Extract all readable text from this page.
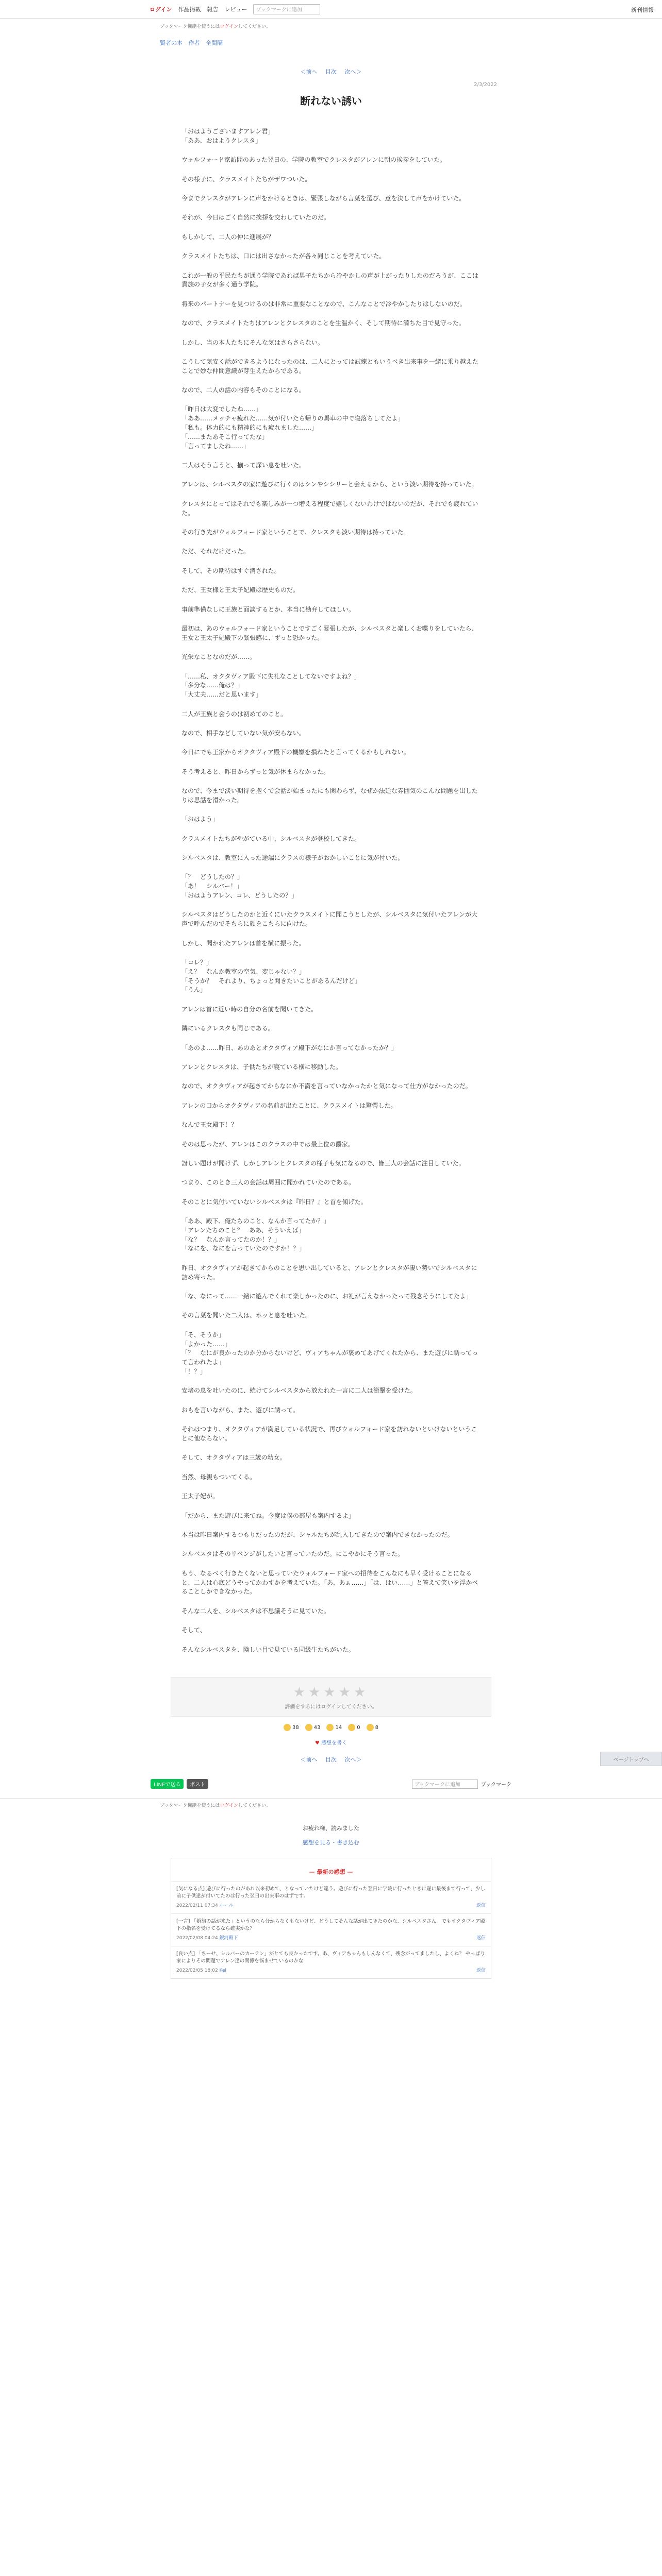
ログイン 作品掲載 報告 レビュー	ブックマークに追加	新刊情報
ブックマーク機能を使うにはログインしてください。
賢者の本 作者 全間隔
＜前へ 目次 次へ＞
2/3/2022
断れない誘い

「おはようございますアレン君」
「ああ、おはようクレスタ」

ウォルフォード家訪問のあった翌日の、学院の教室でクレスタがアレンに朝の挨拶をしていた。

その様子に、クラスメイトたちがザワついた。

今までクレスタがアレンに声をかけるときは、緊張しながら言葉を選び、意を決して声をかけていた。

それが、今日はごく自然に挨拶を交わしていたのだ。

もしかして、二人の仲に進展が？

クラスメイトたちは、口には出さなかったが各々同じことを考えていた。

これが一般の平民たちが通う学院であれば男子たちから冷やかしの声が上がったりしたのだろうが、ここは貴族の子女が多く通う学院。

将来のパートナーを見つけるのは非常に重要なことなので、こんなことで冷やかしたりはしないのだ。

なので、クラスメイトたちはアレンとクレスタのことを生温かく、そして期待に満ちた目で見守った。

しかし、当の本人たちにそんな気はさらさらない。

こうして気安く話ができるようになったのは、二人にとっては試練ともいうべき出来事を一緒に乗り越えたことで妙な仲間意識が芽生えたからである。

なので、二人の話の内容もそのことになる。

「昨日は大変でしたね……」
「ああ……メッチャ疲れた……気が付いたら帰りの馬車の中で寝落ちしてたよ」
「私も。体力的にも精神的にも疲れました……」
「……またあそこ行ってたな」
「言ってましたね……」

二人はそう言うと、揃って深い息を吐いた。

アレンは、シルベスタの家に遊びに行くのはシンやシシリーと会えるから、という淡い期待を持っていた。

クレスタにとってはそれでも楽しみが一つ増える程度で嬉しくないわけではないのだが、それでも疲れていた。

その行き先がウォルフォード家ということで、クレスタも淡い期待は持っていた。

ただ、それだけだった。

そして、その期待はすぐ消された。

ただ、王女様と王太子妃殿は歴史ものだ。

事前準備なしに王族と面談するとか、本当に勘弁してほしい。

最初は、あのウォルフォード家ということですごく緊張したが、シルベスタと楽しくお喋りをしていたら、王女と王太子妃殿下の緊張感に、ずっと恐かった。

光栄なことなのだが……。

「……私、オクタヴィア殿下に失礼なことしてないですよね？」
「多分な……俺は？」
「大丈夫……だと思います」

二人が王族と会うのは初めてのこと。

なので、相手などしていない気が安らない。

今日にでも王家からオクタヴィア殿下の機嫌を損ねたと言ってくるかもしれない。

そう考えると、昨日からずっと気が休まらなかった。

なので、今まで淡い期待を抱くで会話が始まったにも関わらず、なぜか法廷な雰囲気のこんな問題を出したりは思話を滑かった。

「おはよう」

クラスメイトたちがやがている中、シルベスタが登校してきた。

シルベスタは、教室に入った途端にクラスの様子がおかしいことに気が付いた。

「？　どうしたの？」
「あ！　シルバー！」
「おはようアレン、コレ、どうしたの？」

シルベスタはどうしたのかと近くにいたクラスメイトに聞こうとしたが、シルベスタに気付いたアレンが大声で呼んだのでそちらに顔をこちらに向けた。

しかし、聞かれたアレンは首を横に振った。

「コレ？」
「え？　なんか教室の空気、変じゃない？」
「そうか？　それより、ちょっと聞きたいことがあるんだけど」
「うん」

アレンは首に近い時の自分の名前を聞いてきた。

隣にいるクレスタも同じである。

「あのよ……昨日、あのあとオクタヴィア殿下がなにか言ってなかったか？」

アレンとクレスタは、子供たちが寝ている横に移動した。

なので、オクタヴィアが起きてからなにか不満を言っていなかったかと気になって仕方がなかったのだ。

アレンの口からオクタヴィアの名前が出たことに、クラスメイトは驚愕した。

なんで王女殿下！？

そのは思ったが、アレンはこのクラスの中では最上位の爵家。

訝しい題けが聞けず、しかしアレンとクレスタの様子も気になるので、皆三人の会話に注目していた。

つまり、このとき三人の会話は周囲に聞かれていたのである。

そのことに気付いていないシルベスタは『昨日？』と首を傾げた。

「ああ、殿下、俺たちのこと、なんか言ってたか？」
「アレンたちのこと？　ああ、そういえば」
「な？　なんか言ってたのか！？」
「なにを、なにを言っていたのですか！？」

昨日、オクタヴィアが起きてからのことを思い出していると、アレンとクレスタが凄い勢いでシルベスタに詰め寄った。

「な、なにって……一緒に遊んでくれて楽しかったのに、お礼が言えなかったって残念そうにしてたよ」

その言葉を聞いた二人は、ホッと息を吐いた。

「そ、そうか」
「よかった……」
「？　なにが良かったのか分からないけど、ヴィアちゃんが褒めてあげてくれたから、また遊びに誘ってって言われたよ」
「！？」

安堵の息を吐いたのに、続けてシルベスタから放たれた一言に二人は衝撃を受けた。

おもを言いながら、また、遊びに誘って。

それはつまり、オクタヴィアが満足している状況で、再びウォルフォード家を訪れないといけないということに他ならない。

そして、オクタヴィアは三歳の幼女。

当然、母親もついてくる。

王太子妃が。

「だから、また遊びに来てね。今度は僕の部屋も案内するよ」

本当は昨日案内するつもりだったのだが、シャルたちが乱入してきたので案内できなかったのだ。

シルベスタはそのリベンジがしたいと言っていたのだ。にこやかにそう言った。

もう、なるべく行きたくないと思っていたウォルフォード家への招待をこんなにも早く受けることになると、二人は心底どうやってかわすかを考えていた。「あ、あぁ……」「は、はい……」と答えて笑いを浮かべることしかできなかった。

そんな二人を、シルベスタは不思議そうに見ていた。

そして、

そんなシルベスタを、険しい目で見ている同級生たちがいた。

ページトップへ
★★★★★
評価をするにはログインしてください。
38	43	14	0	8
♥ 感想を書く
＜前へ 目次 次へ＞
LINEで送る	ポスト	ブックマークに追加	ブックマーク
ブックマーク機能を使うにはログインしてください。
お疲れ様、読みました
感想を見る・書き込む
— 最新の感想 —
[気になる点] 遊びに行ったのがあれ以来初めて、となっていたけど違う。遊びに行った翌日に学院に行ったときに遂に最後まで行って、少し前に子供達が付いてたのは行った翌日の出来事のはずです。
2022/02/11 07:34 ルール	返信
[一言] 「婚約の話が来た」というのなら分からなくもないけど、どうしてそんな話が出てきたのかな、シルベスタさん。でもオクタヴィア殿下の指名を受けてるなら確実かな？
2022/02/08 04:24 銀河殿下	返信
[良い点] 「ちーせ、シルバーのカーテン」がとても良かったです。あ、ヴィアちゃんもしんなくて、残念がってましたし、よくね？ やっぱり家によりその問題でアレン達の関係を悩ませているのかな
2022/02/05 18:02 Kei	返信
